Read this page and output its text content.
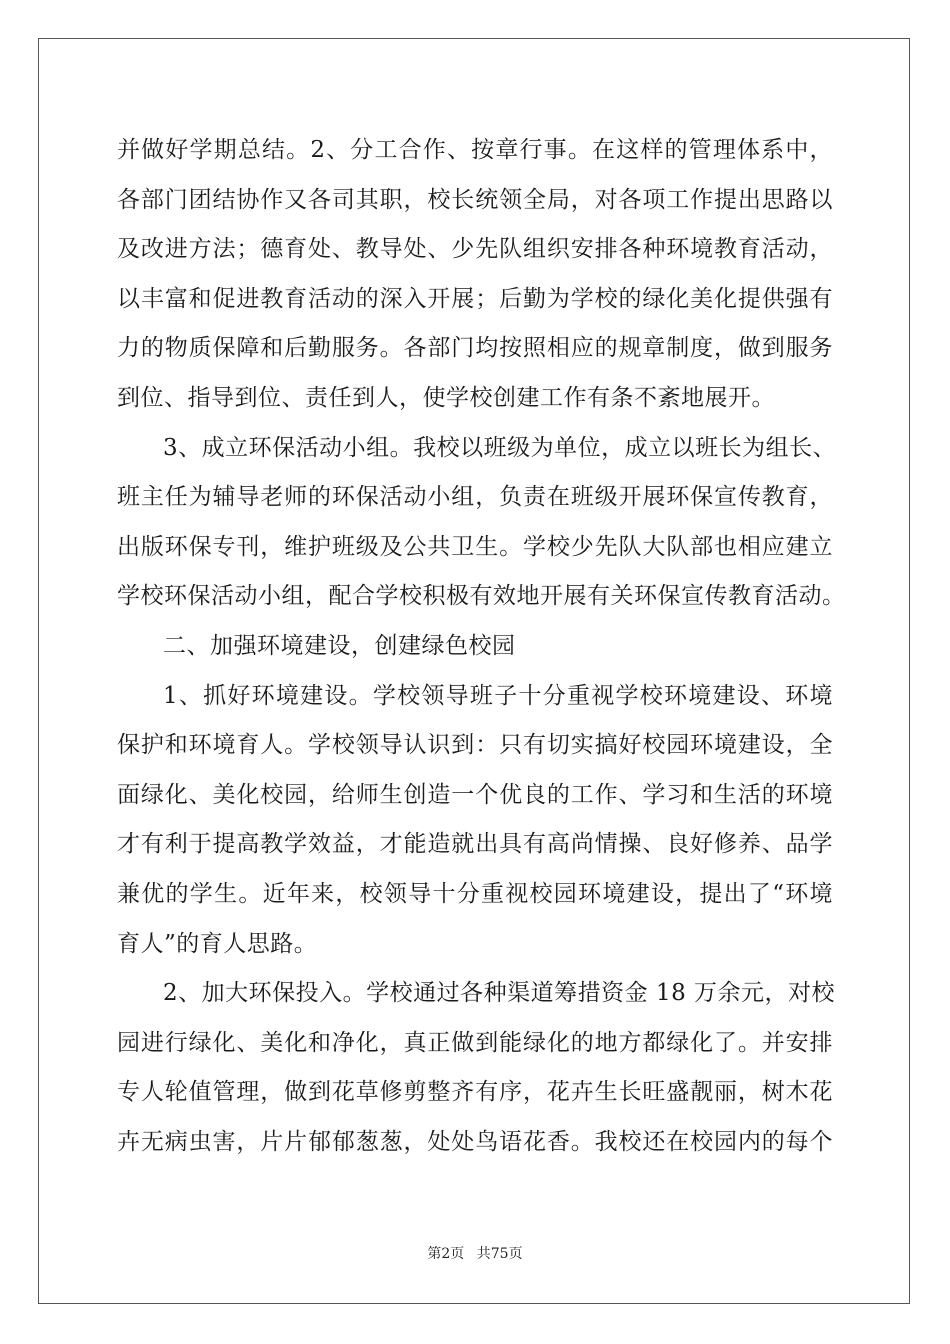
并做好学期总结。2、分工合作、按章行事。在这样的管理体系中，
各部门团结协作又各司其职，校长统领全局，对各项工作提出思路以
及改进方法；德育处、教导处、少先队组织安排各种环境教育活动，
以丰富和促进教育活动的深入开展；后勤为学校的绿化美化提供强有
力的物质保障和后勤服务。各部门均按照相应的规章制度，做到服务
到位、指导到位、责任到人，使学校创建工作有条不紊地展开。
3、成立环保活动小组。我校以班级为单位，成立以班长为组长、
班主任为辅导老师的环保活动小组，负责在班级开展环保宣传教育，
出版环保专刊，维护班级及公共卫生。学校少先队大队部也相应建立
学校环保活动小组，配合学校积极有效地开展有关环保宣传教育活动。
二、加强环境建设，创建绿色校园
1、抓好环境建设。学校领导班子十分重视学校环境建设、环境
保护和环境育人。学校领导认识到：只有切实搞好校园环境建设，全
面绿化、美化校园，给师生创造一个优良的工作、学习和生活的环境
才有利于提高教学效益，才能造就出具有高尚情操、良好修养、品学
兼优的学生。近年来，校领导十分重视校园环境建设，提出了“环境
育人”的育人思路。
2、加大环保投入。学校通过各种渠道筹措资金 18 万余元，对校
园进行绿化、美化和净化，真正做到能绿化的地方都绿化了。并安排
专人轮值管理，做到花草修剪整齐有序，花卉生长旺盛靓丽，树木花
卉无病虫害，片片郁郁葱葱，处处鸟语花香。我校还在校园内的每个
第2页 共75页
